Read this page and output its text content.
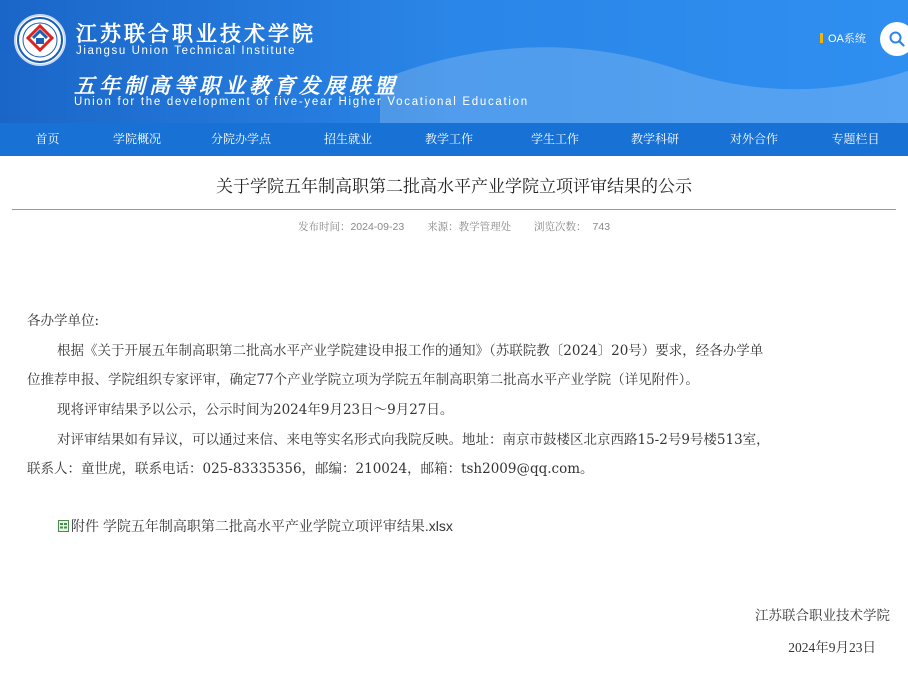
江苏联合职业技术学院
Jiangsu Union Technical Institute
五年制高等职业教育发展联盟
Union for the development of five-year Higher Vocational Education
OA系统
首页	学院概况	分院办学点	招生就业	教学工作	学生工作	教学科研	对外合作	专题栏目
关于学院五年制高职第二批高水平产业学院立项评审结果的公示
发布时间：2024-09-23 来源：教学管理处 浏览次数： 743
各办学单位:
根据《关于开展五年制高职第二批高水平产业学院建设申报工作的通知》（苏联院教〔2024〕20号）要求，经各办学单
位推荐申报、学院组织专家评审，确定77个产业学院立项为学院五年制高职第二批高水平产业学院（详见附件）。
现将评审结果予以公示，公示时间为2024年9月23日～9月27日。
对评审结果如有异议，可以通过来信、来电等实名形式向我院反映。地址：南京市鼓楼区北京西路15-2号9号楼513室，
联系人：童世虎，联系电话：025-83335356，邮编：210024，邮箱：tsh2009@qq.com。
附件 学院五年制高职第二批高水平产业学院立项评审结果.xlsx
江苏联合职业技术学院
2024年9月23日
